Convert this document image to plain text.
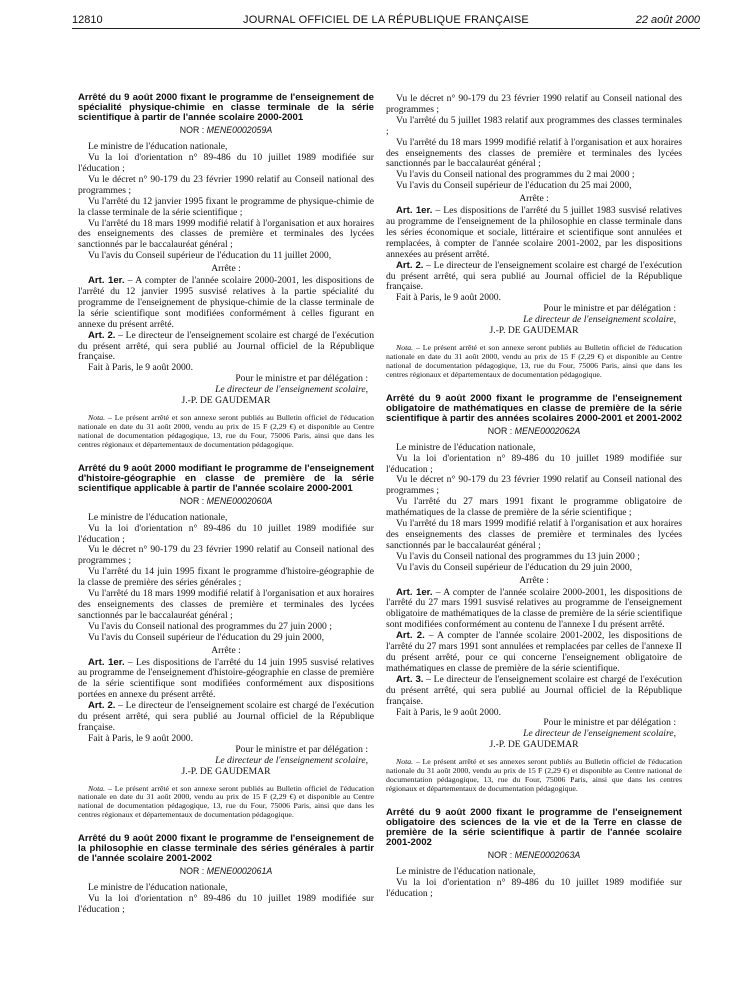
12810	JOURNAL OFFICIEL DE LA RÉPUBLIQUE FRANÇAISE	22 août 2000

Arrêté du 9 août 2000 fixant le programme de l'enseignement de spécialité physique-chimie en classe terminale de la série scientifique à partir de l'année scolaire 2000-2001

NOR : MENE0002059A

Le ministre de l'éducation nationale,

Vu la loi d'orientation n° 89-486 du 10 juillet 1989 modifiée sur l'éducation ;

Vu le décret n° 90-179 du 23 février 1990 relatif au Conseil national des programmes ;

Vu l'arrêté du 12 janvier 1995 fixant le programme de physique-chimie de la classe terminale de la série scientifique ;

Vu l'arrêté du 18 mars 1999 modifié relatif à l'organisation et aux horaires des enseignements des classes de première et terminales des lycées sanctionnés par le baccalauréat général ;

Vu l'avis du Conseil supérieur de l'éducation du 11 juillet 2000,

Arrête :

Art. 1er. – A compter de l'année scolaire 2000-2001, les dispositions de l'arrêté du 12 janvier 1995 susvisé relatives à la partie spécialité du programme de l'enseignement de physique-chimie de la classe terminale de la série scientifique sont modifiées conformément à celles figurant en annexe du présent arrêté.

Art. 2. – Le directeur de l'enseignement scolaire est chargé de l'exécution du présent arrêté, qui sera publié au Journal officiel de la République française.

Fait à Paris, le 9 août 2000.

Pour le ministre et par délégation :

Le directeur de l'enseignement scolaire,

J.-P. DE GAUDEMAR

Nota. – Le présent arrêté et son annexe seront publiés au Bulletin officiel de l'éducation nationale en date du 31 août 2000, vendu au prix de 15 F (2,29 €) et disponible au Centre national de documentation pédagogique, 13, rue du Four, 75006 Paris, ainsi que dans les centres régionaux et départementaux de documentation pédagogique.

Arrêté du 9 août 2000 modifiant le programme de l'enseignement d'histoire-géographie en classe de première de la série scientifique applicable à partir de l'année scolaire 2000-2001

NOR : MENE0002060A

Le ministre de l'éducation nationale,

Vu la loi d'orientation n° 89-486 du 10 juillet 1989 modifiée sur l'éducation ;

Vu le décret n° 90-179 du 23 février 1990 relatif au Conseil national des programmes ;

Vu l'arrêté du 14 juin 1995 fixant le programme d'histoire-géographie de la classe de première des séries générales ;

Vu l'arrêté du 18 mars 1999 modifié relatif à l'organisation et aux horaires des enseignements des classes de première et terminales des lycées sanctionnés par le baccalauréat général ;

Vu l'avis du Conseil national des programmes du 27 juin 2000 ;

Vu l'avis du Conseil supérieur de l'éducation du 29 juin 2000,

Arrête :

Art. 1er. – Les dispositions de l'arrêté du 14 juin 1995 susvisé relatives au programme de l'enseignement d'histoire-géographie en classe de première de la série scientifique sont modifiées conformément aux dispositions portées en annexe du présent arrêté.

Art. 2. – Le directeur de l'enseignement scolaire est chargé de l'exécution du présent arrêté, qui sera publié au Journal officiel de la République française.

Fait à Paris, le 9 août 2000.

Pour le ministre et par délégation :

Le directeur de l'enseignement scolaire,

J.-P. DE GAUDEMAR

Nota. – Le présent arrêté et son annexe seront publiés au Bulletin officiel de l'éducation nationale en date du 31 août 2000, vendu au prix de 15 F (2,29 €) et disponible au Centre national de documentation pédagogique, 13, rue du Four, 75006 Paris, ainsi que dans les centres régionaux et départementaux de documentation pédagogique.

Arrêté du 9 août 2000 fixant le programme de l'enseignement de la philosophie en classe terminale des séries générales à partir de l'année scolaire 2001-2002

NOR : MENE0002061A

Le ministre de l'éducation nationale,

Vu la loi d'orientation n° 89-486 du 10 juillet 1989 modifiée sur l'éducation ;

Vu le décret n° 90-179 du 23 février 1990 relatif au Conseil national des programmes ;

Vu l'arrêté du 5 juillet 1983 relatif aux programmes des classes terminales ;

Vu l'arrêté du 18 mars 1999 modifié relatif à l'organisation et aux horaires des enseignements des classes de première et terminales des lycées sanctionnés par le baccalauréat général ;

Vu l'avis du Conseil national des programmes du 2 mai 2000 ;

Vu l'avis du Conseil supérieur de l'éducation du 25 mai 2000,

Arrête :

Art. 1er. – Les dispositions de l'arrêté du 5 juillet 1983 susvisé relatives au programme de l'enseignement de la philosophie en classe terminale dans les séries économique et sociale, littéraire et scientifique sont annulées et remplacées, à compter de l'année scolaire 2001-2002, par les dispositions annexées au présent arrêté.

Art. 2. – Le directeur de l'enseignement scolaire est chargé de l'exécution du présent arrêté, qui sera publié au Journal officiel de la République française.

Fait à Paris, le 9 août 2000.

Pour le ministre et par délégation :

Le directeur de l'enseignement scolaire,

J.-P. DE GAUDEMAR

Nota. – Le présent arrêté et son annexe seront publiés au Bulletin officiel de l'éducation nationale en date du 31 août 2000, vendu au prix de 15 F (2,29 €) et disponible au Centre national de documentation pédagogique, 13, rue du Four, 75006 Paris, ainsi que dans les centres régionaux et départementaux de documentation pédagogique.

Arrêté du 9 août 2000 fixant le programme de l'enseignement obligatoire de mathématiques en classe de première de la série scientifique à partir des années scolaires 2000-2001 et 2001-2002

NOR : MENE0002062A

Le ministre de l'éducation nationale,

Vu la loi d'orientation n° 89-486 du 10 juillet 1989 modifiée sur l'éducation ;

Vu le décret n° 90-179 du 23 février 1990 relatif au Conseil national des programmes ;

Vu l'arrêté du 27 mars 1991 fixant le programme obligatoire de mathématiques de la classe de première de la série scientifique ;

Vu l'arrêté du 18 mars 1999 modifié relatif à l'organisation et aux horaires des enseignements des classes de première et terminales des lycées sanctionnés par le baccalauréat général ;

Vu l'avis du Conseil national des programmes du 13 juin 2000 ;

Vu l'avis du Conseil supérieur de l'éducation du 29 juin 2000,

Arrête :

Art. 1er. – A compter de l'année scolaire 2000-2001, les dispositions de l'arrêté du 27 mars 1991 susvisé relatives au programme de l'enseignement obligatoire de mathématiques de la classe de première de la série scientifique sont modifiées conformément au contenu de l'annexe I du présent arrêté.

Art. 2. – A compter de l'année scolaire 2001-2002, les dispositions de l'arrêté du 27 mars 1991 sont annulées et remplacées par celles de l'annexe II du présent arrêté, pour ce qui concerne l'enseignement obligatoire de mathématiques en classe de première de la série scientifique.

Art. 3. – Le directeur de l'enseignement scolaire est chargé de l'exécution du présent arrêté, qui sera publié au Journal officiel de la République française.

Fait à Paris, le 9 août 2000.

Pour le ministre et par délégation :

Le directeur de l'enseignement scolaire,

J.-P. DE GAUDEMAR

Nota. – Le présent arrêté et ses annexes seront publiés au Bulletin officiel de l'éducation nationale du 31 août 2000, vendu au prix de 15 F (2,29 €) et disponible au Centre national de documentation pédagogique, 13, rue du Four, 75006 Paris, ainsi que dans les centres régionaux et départementaux de documentation pédagogique.

Arrêté du 9 août 2000 fixant le programme de l'enseignement obligatoire des sciences de la vie et de la Terre en classe de première de la série scientifique à partir de l'année scolaire 2001-2002

NOR : MENE0002063A

Le ministre de l'éducation nationale,

Vu la loi d'orientation n° 89-486 du 10 juillet 1989 modifiée sur l'éducation ;
